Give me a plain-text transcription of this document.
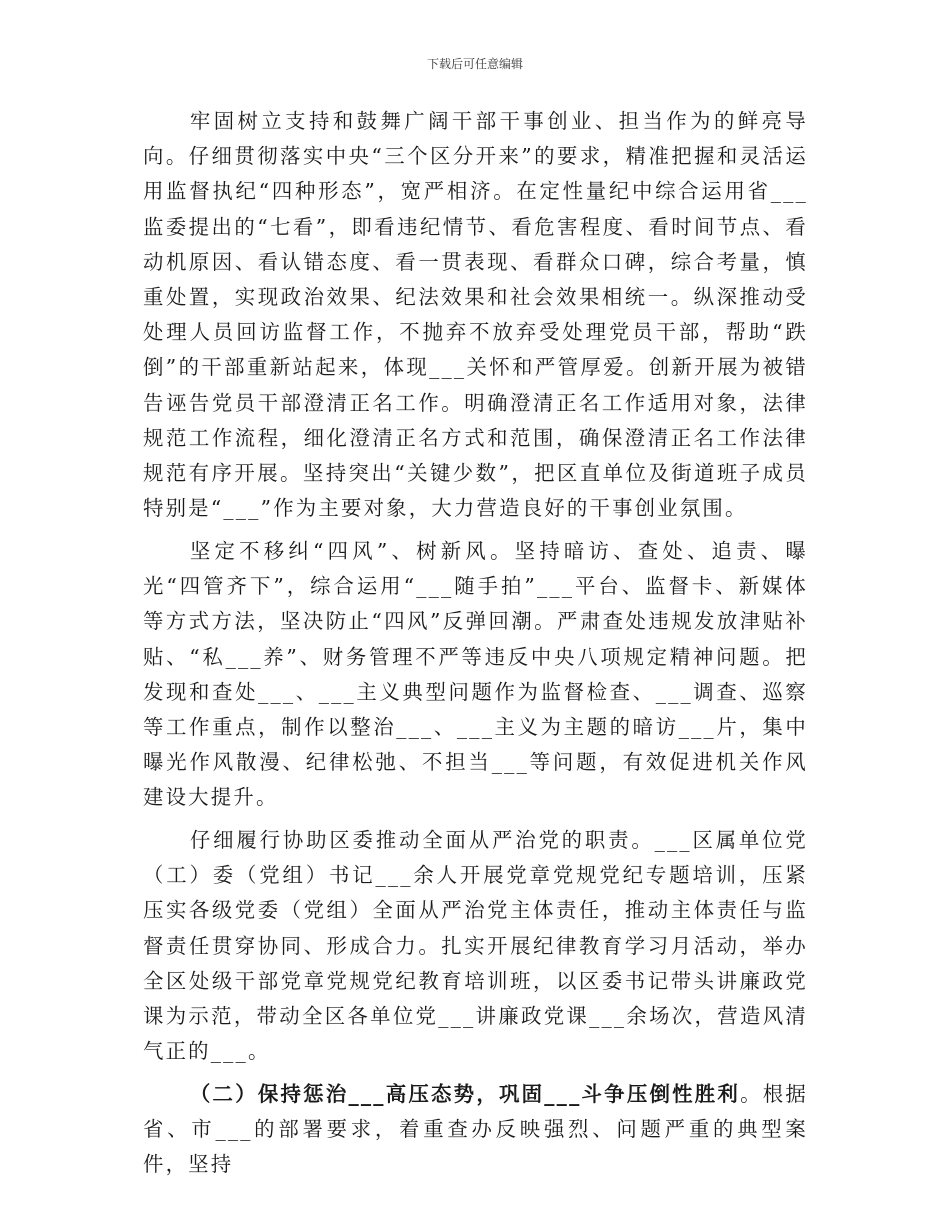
下载后可任意编辑

牢固树立支持和鼓舞广阔干部干事创业、担当作为的鲜亮导向。仔细贯彻落实中央“三个区分开来”的要求，精准把握和灵活运用监督执纪“四种形态”，宽严相济。在定性量纪中综合运用省___监委提出的“七看”，即看违纪情节、看危害程度、看时间节点、看动机原因、看认错态度、看一贯表现、看群众口碑，综合考量，慎重处置，实现政治效果、纪法效果和社会效果相统一。纵深推动受处理人员回访监督工作，不抛弃不放弃受处理党员干部，帮助“跌倒”的干部重新站起来，体现___关怀和严管厚爱。创新开展为被错告诬告党员干部澄清正名工作。明确澄清正名工作适用对象，法律规范工作流程，细化澄清正名方式和范围，确保澄清正名工作法律规范有序开展。坚持突出“关键少数”，把区直单位及街道班子成员特别是“___”作为主要对象，大力营造良好的干事创业氛围。

坚定不移纠“四风”、树新风。坚持暗访、查处、追责、曝光“四管齐下”，综合运用“___随手拍”___平台、监督卡、新媒体等方式方法，坚决防止“四风”反弹回潮。严肃查处违规发放津贴补贴、“私___养”、财务管理不严等违反中央八项规定精神问题。把发现和查处___、___主义典型问题作为监督检查、___调查、巡察等工作重点，制作以整治___、___主义为主题的暗访___片，集中曝光作风散漫、纪律松弛、不担当___等问题，有效促进机关作风建设大提升。

仔细履行协助区委推动全面从严治党的职责。___区属单位党（工）委（党组）书记___余人开展党章党规党纪专题培训，压紧压实各级党委（党组）全面从严治党主体责任，推动主体责任与监督责任贯穿协同、形成合力。扎实开展纪律教育学习月活动，举办全区处级干部党章党规党纪教育培训班，以区委书记带头讲廉政党课为示范，带动全区各单位党___讲廉政党课___余场次，营造风清气正的___。

（二）保持惩治___高压态势，巩固___斗争压倒性胜利。根据省、市___的部署要求，着重查办反映强烈、问题严重的典型案件，坚持
